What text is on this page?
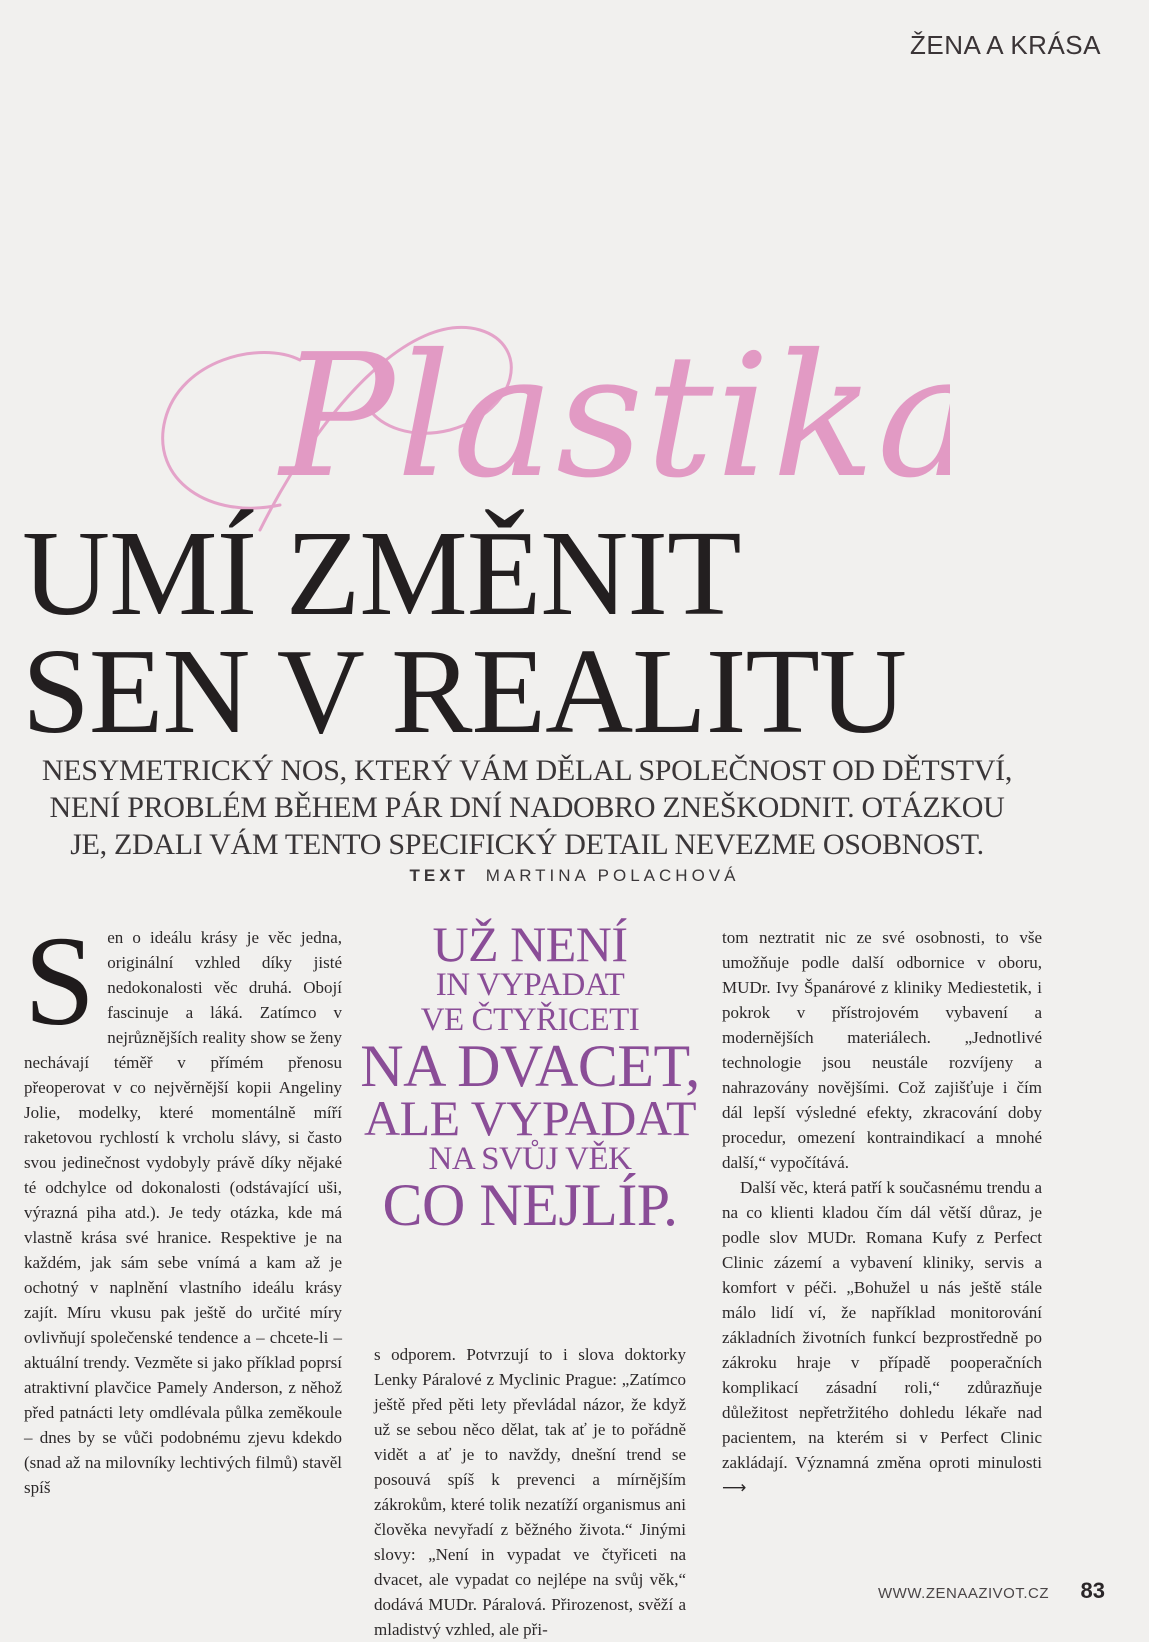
ŽENA A KRÁSA
Plastika
UMÍ ZMĚNIT
SEN V REALITU
NESYMETRICKÝ NOS, KTERÝ VÁM DĚLAL SPOLEČNOST OD DĚTSTVÍ,
NENÍ PROBLÉM BĚHEM PÁR DNÍ NADOBRO ZNEŠKODNIT. OTÁZKOU
JE, ZDALI VÁM TENTO SPECIFICKÝ DETAIL NEVEZME OSOBNOST.
TEXT MARTINA POLACHOVÁ
S en o ideálu krásy je věc jedna, originální vzhled díky jisté nedokonalosti věc druhá. Obojí fascinuje a láká. Zatímco v nejrůznějších reality show se ženy nechávají téměř v přímém přenosu přeoperovat v co nejvěrnější kopii Angeliny Jolie, modelky, které momentálně míří raketovou rychlostí k vrcholu slávy, si často svou jedinečnost vydobyly právě díky nějaké té odchylce od dokonalosti (odstávající uši, výrazná piha atd.). Je tedy otázka, kde má vlastně krása své hranice. Respektive je na každém, jak sám sebe vnímá a kam až je ochotný v naplnění vlastního ideálu krásy zajít. Míru vkusu pak ještě do určité míry ovlivňují společenské tendence a – chcete-li – aktuální trendy. Vezměte si jako příklad poprsí atraktivní plavčice Pamely Anderson, z něhož před patnácti lety omdlévala půlka zeměkoule – dnes by se vůči podobnému zjevu kdekdo (snad až na milovníky lechtivých filmů) stavěl spíš

UŽ NENÍ
IN VYPADAT
VE ČTYŘICETI
NA DVACET,
ALE VYPADAT
NA SVŮJ VĚK
CO NEJLÍP.

s odporem. Potvrzují to i slova doktorky Lenky Páralové z Myclinic Prague: „Zatímco ještě před pěti lety převládal názor, že když už se sebou něco dělat, tak ať je to pořádně vidět a ať je to navždy, dnešní trend se posouvá spíš k prevenci a mírnějším zákrokům, které tolik nezatíží organismus ani člověka nevyřadí z běžného života.“ Jinými slovy: „Není in vypadat ve čtyřiceti na dvacet, ale vypadat co nejlépe na svůj věk,“ dodává MUDr. Páralová. Přirozenost, svěží a mladistvý vzhled, ale při-

tom neztratit nic ze své osobnosti, to vše umožňuje podle další odbornice v oboru, MUDr. Ivy Španárové z kliniky Mediestetik, i pokrok v přístrojovém vybavení a modernějších materiálech. „Jednotlivé technologie jsou neustále rozvíjeny a nahrazovány novějšími. Což zajišťuje i čím dál lepší výsledné efekty, zkracování doby procedur, omezení kontraindikací a mnohé další,“ vypočítává.

Další věc, která patří k současnému trendu a na co klienti kladou čím dál větší důraz, je podle slov MUDr. Romana Kufy z Perfect Clinic zázemí a vybavení kliniky, servis a komfort v péči. „Bohužel u nás ještě stále málo lidí ví, že například monitorování základních životních funkcí bezprostředně po zákroku hraje v případě pooperačních komplikací zásadní roli,“ zdůrazňuje důležitost nepřetržitého dohledu lékaře nad pacientem, na kterém si v Perfect Clinic zakládají. Významná změna oproti minulosti ⟶

WWW.ZENAAZIVOT.CZ 83
